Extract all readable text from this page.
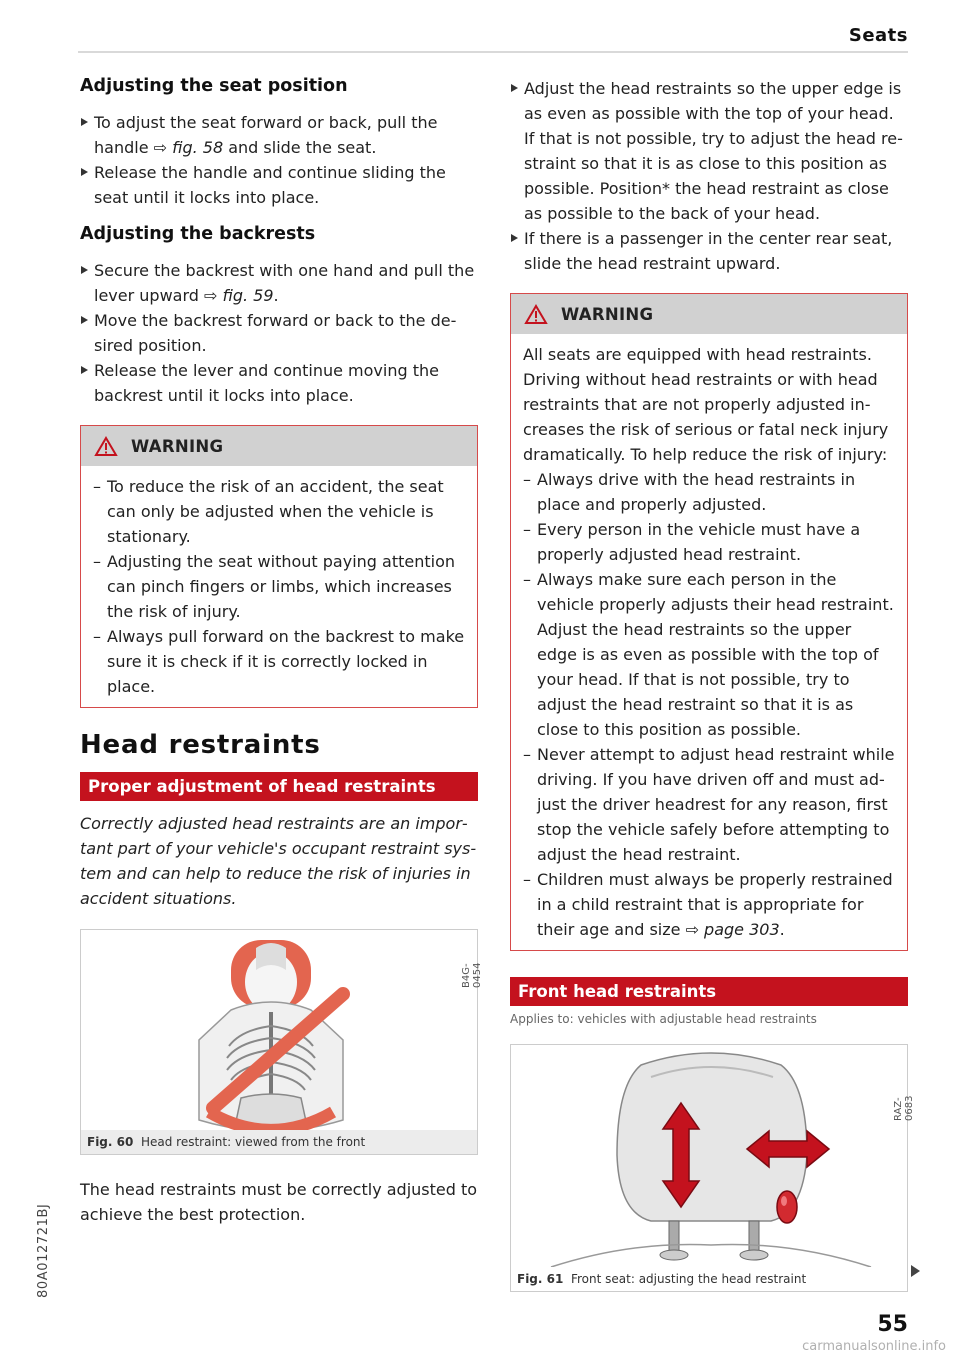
Seats
Adjusting the seat position
To adjust the seat forward or back, pull the handle ⇨ fig. 58 and slide the seat.
Release the handle and continue sliding the seat until it locks into place.
Adjusting the backrests
Secure the backrest with one hand and pull the lever upward ⇨ fig. 59.
Move the backrest forward or back to the desired position.
Release the lever and continue moving the backrest until it locks into place.
WARNING
– To reduce the risk of an accident, the seat can only be adjusted when the vehicle is stationary.
– Adjusting the seat without paying attention can pinch fingers or limbs, which increases the risk of injury.
– Always pull forward on the backrest to make sure it is check if it is correctly locked in place.
Head restraints
Proper adjustment of head restraints
Correctly adjusted head restraints are an important part of your vehicle's occupant restraint system and can help to reduce the risk of injuries in accident situations.
B4G-0454
Fig. 60 Head restraint: viewed from the front
The head restraints must be correctly adjusted to achieve the best protection.
Adjust the head restraints so the upper edge is as even as possible with the top of your head. If that is not possible, try to adjust the head restraint so that it is as close to this position as possible. Position* the head restraint as close as possible to the back of your head.
If there is a passenger in the center rear seat, slide the head restraint upward.
WARNING
All seats are equipped with head restraints. Driving without head restraints or with head restraints that are not properly adjusted increases the risk of serious or fatal neck injury dramatically. To help reduce the risk of injury:
– Always drive with the head restraints in place and properly adjusted.
– Every person in the vehicle must have a properly adjusted head restraint.
– Always make sure each person in the vehicle properly adjusts their head restraint. Adjust the head restraints so the upper edge is as even as possible with the top of your head. If that is not possible, try to adjust the head restraint so that it is as close to this position as possible.
– Never attempt to adjust head restraint while driving. If you have driven off and must adjust the driver headrest for any reason, first stop the vehicle safely before attempting to adjust the head restraint.
– Children must always be properly restrained in a child restraint that is appropriate for their age and size ⇨ page 303.
Front head restraints
Applies to: vehicles with adjustable head restraints
RAZ-0683
Fig. 61 Front seat: adjusting the head restraint
55
80A012721BJ
carmanualsonline.info
